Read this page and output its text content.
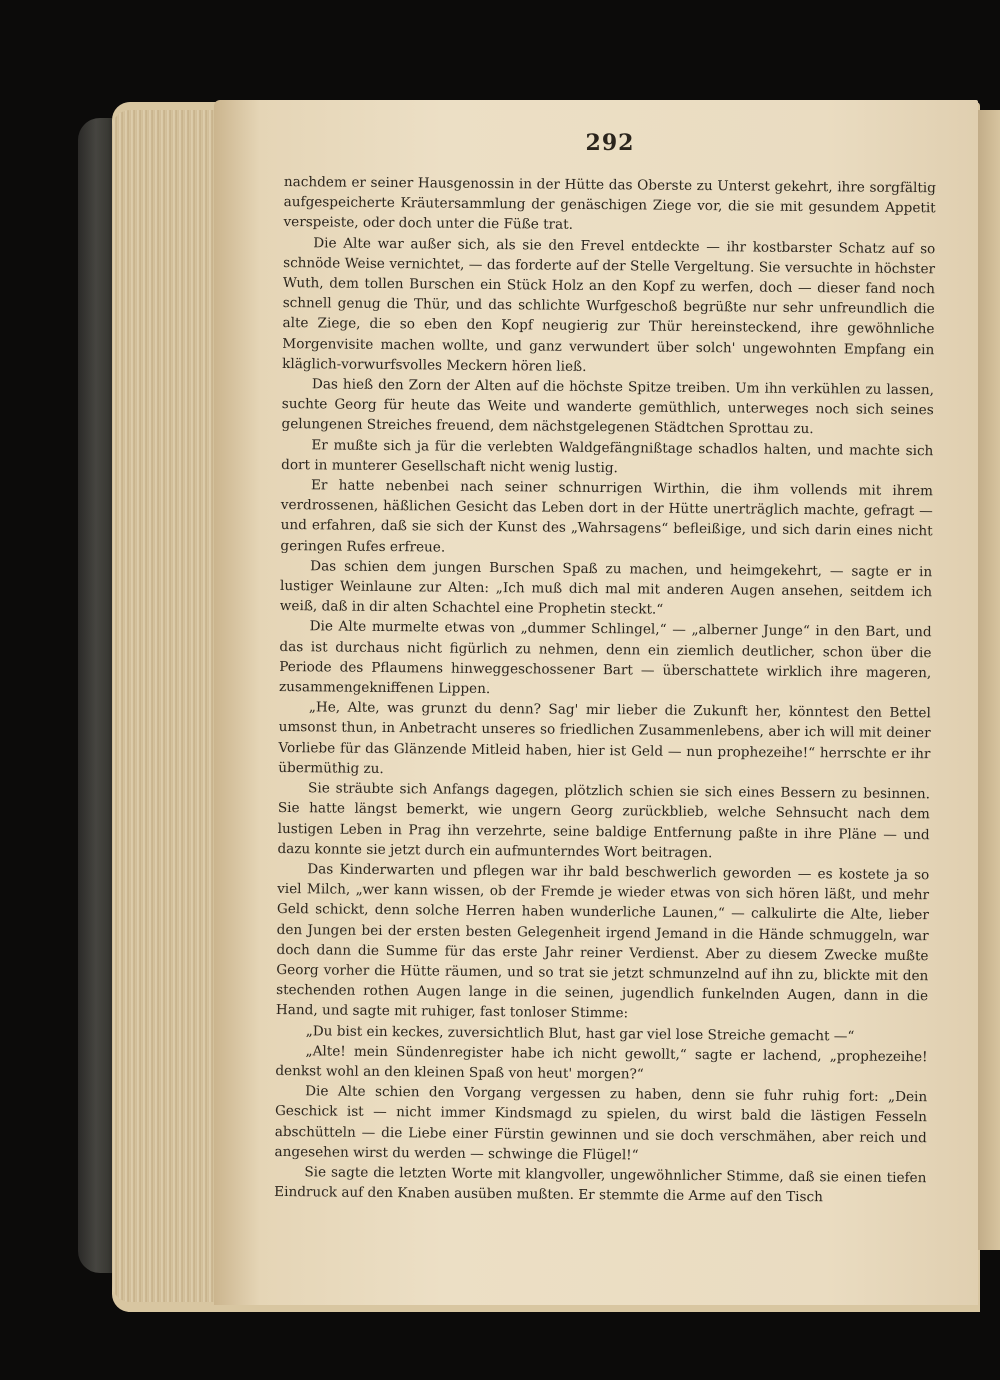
292

nachdem er seiner Hausgenossin in der Hütte das Oberste zu Unterst gekehrt, ihre sorgfältig aufgespeicherte Kräutersammlung der genäschigen Ziege vor, die sie mit gesundem Appetit verspeiste, oder doch unter die Füße trat.

Die Alte war außer sich, als sie den Frevel entdeckte — ihr kostbarster Schatz auf so schnöde Weise vernichtet, — das forderte auf der Stelle Vergeltung. Sie versuchte in höchster Wuth, dem tollen Burschen ein Stück Holz an den Kopf zu werfen, doch — dieser fand noch schnell genug die Thür, und das schlichte Wurfgeschoß begrüßte nur sehr unfreundlich die alte Ziege, die so eben den Kopf neugierig zur Thür hereinsteckend, ihre gewöhnliche Morgenvisite machen wollte, und ganz verwundert über solch' ungewohnten Empfang ein kläglich-vorwurfsvolles Meckern hören ließ.

Das hieß den Zorn der Alten auf die höchste Spitze treiben. Um ihn verkühlen zu lassen, suchte Georg für heute das Weite und wanderte gemüthlich, unterweges noch sich seines gelungenen Streiches freuend, dem nächstgelegenen Städtchen Sprottau zu.

Er mußte sich ja für die verlebten Waldgefängnißtage schadlos halten, und machte sich dort in munterer Gesellschaft nicht wenig lustig.

Er hatte nebenbei nach seiner schnurrigen Wirthin, die ihm vollends mit ihrem verdrossenen, häßlichen Gesicht das Leben dort in der Hütte unerträglich machte, gefragt — und erfahren, daß sie sich der Kunst des „Wahrsagens“ befleißige, und sich darin eines nicht geringen Rufes erfreue.

Das schien dem jungen Burschen Spaß zu machen, und heimgekehrt, — sagte er in lustiger Weinlaune zur Alten: „Ich muß dich mal mit anderen Augen ansehen, seitdem ich weiß, daß in dir alten Schachtel eine Prophetin steckt.“

Die Alte murmelte etwas von „dummer Schlingel,“ — „alberner Junge“ in den Bart, und das ist durchaus nicht figürlich zu nehmen, denn ein ziemlich deutlicher, schon über die Periode des Pflaumens hinweggeschossener Bart — überschattete wirklich ihre mageren, zusammengekniffenen Lippen.

„He, Alte, was grunzt du denn? Sag' mir lieber die Zukunft her, könntest den Bettel umsonst thun, in Anbetracht unseres so friedlichen Zusammenlebens, aber ich will mit deiner Vorliebe für das Glänzende Mitleid haben, hier ist Geld — nun prophezeihe!“ herrschte er ihr übermüthig zu.

Sie sträubte sich Anfangs dagegen, plötzlich schien sie sich eines Bessern zu besinnen. Sie hatte längst bemerkt, wie ungern Georg zurückblieb, welche Sehnsucht nach dem lustigen Leben in Prag ihn verzehrte, seine baldige Entfernung paßte in ihre Pläne — und dazu konnte sie jetzt durch ein aufmunterndes Wort beitragen.

Das Kinderwarten und pflegen war ihr bald beschwerlich geworden — es kostete ja so viel Milch, „wer kann wissen, ob der Fremde je wieder etwas von sich hören läßt, und mehr Geld schickt, denn solche Herren haben wunderliche Launen,“ — calkulirte die Alte, lieber den Jungen bei der ersten besten Gelegenheit irgend Jemand in die Hände schmuggeln, war doch dann die Summe für das erste Jahr reiner Verdienst. Aber zu diesem Zwecke mußte Georg vorher die Hütte räumen, und so trat sie jetzt schmunzelnd auf ihn zu, blickte mit den stechenden rothen Augen lange in die seinen, jugendlich funkelnden Augen, dann in die Hand, und sagte mit ruhiger, fast tonloser Stimme:

„Du bist ein keckes, zuversichtlich Blut, hast gar viel lose Streiche gemacht —“

„Alte! mein Sündenregister habe ich nicht gewollt,“ sagte er lachend, „prophezeihe! denkst wohl an den kleinen Spaß von heut' morgen?“

Die Alte schien den Vorgang vergessen zu haben, denn sie fuhr ruhig fort: „Dein Geschick ist — nicht immer Kindsmagd zu spielen, du wirst bald die lästigen Fesseln abschütteln — die Liebe einer Fürstin gewinnen und sie doch verschmähen, aber reich und angesehen wirst du werden — schwinge die Flügel!“

Sie sagte die letzten Worte mit klangvoller, ungewöhnlicher Stimme, daß sie einen tiefen Eindruck auf den Knaben ausüben mußten. Er stemmte die Arme auf den Tisch
